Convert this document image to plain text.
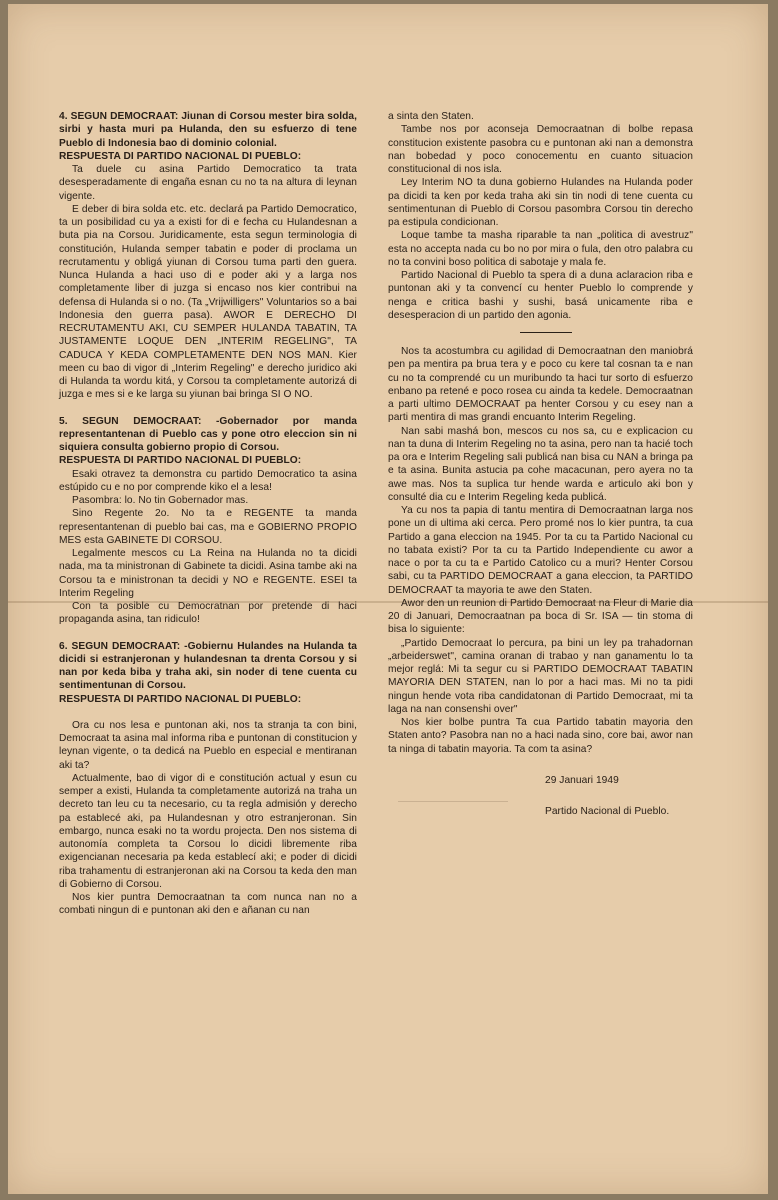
4. SEGUN DEMOCRAAT: Jiunan di Corsou mester bira solda, sirbi y hasta muri pa Hulanda, den su esfuerzo di tene Pueblo di Indonesia bao di dominio colonial.

RESPUESTA DI PARTIDO NACIONAL DI PUEBLO:

Ta duele cu asina Partido Democratico ta trata desesperadamente di engaña esnan cu no ta na altura di leynan vigente.

E deber di bira solda etc. etc. declará pa Partido Democratico, ta un posibilidad cu ya a existi for di e fecha cu Hulandesnan a buta pia na Corsou. Juridicamente, esta segun terminologia di constitución, Hulanda semper tabatin e poder di proclama un recrutamentu y obligá yiunan di Corsou tuma parti den guera. Nunca Hulanda a haci uso di e poder aki y a larga nos completamente liber di juzga si encaso nos kier contribui na defensa di Hulanda si o no. (Ta „Vrijwilligers" Voluntarios so a bai Indonesia den guerra pasa). AWOR E DERECHO DI RECRUTAMENTU AKI, CU SEMPER HULANDA TABATIN, TA JUSTAMENTE LOQUE DEN „INTERIM REGELING", TA CADUCA Y KEDA COMPLETAMENTE DEN NOS MAN. Kier meen cu bao di vigor di „Interim Regeling" e derecho juridico aki di Hulanda ta wordu kitá, y Corsou ta completamente autorizá di juzga e mes si e ke larga su yiunan bai bringa SI O NO.

5. SEGUN DEMOCRAAT: -Gobernador por manda representantenan di Pueblo cas y pone otro eleccion sin ni siquiera consulta gobierno propio di Corsou.

RESPUESTA DI PARTIDO NACIONAL DI PUEBLO:

Esaki otravez ta demonstra cu partido Democratico ta asina estúpido cu e no por comprende kiko el a lesa!

Pasombra: lo. No tin Gobernador mas.

Sino Regente 2o. No ta e REGENTE ta manda representantenan di pueblo bai cas, ma e GOBIERNO PROPIO MES esta GABINETE DI CORSOU.

Legalmente mescos cu La Reina na Hulanda no ta dicidi nada, ma ta ministronan di Gabinete ta dicidi. Asina tambe aki na Corsou ta e ministronan ta decidi y NO e REGENTE. ESEI ta Interim Regeling

Con ta posible cu Democratnan por pretende di haci propaganda asina, tan ridiculo!

6. SEGUN DEMOCRAAT: -Gobiernu Hulandes na Hulanda ta dicidi si estranjeronan y hulandesnan ta drenta Corsou y si nan por keda biba y traha aki, sin noder di tene cuenta cu sentimentunan di Corsou.

RESPUESTA DI PARTIDO NACIONAL DI PUEBLO:

Ora cu nos lesa e puntonan aki, nos ta stranja ta con bini, Democraat ta asina mal informa riba e puntonan di constitucion y leynan vigente, o ta dedicá na Pueblo en especial e mentiranan aki ta?

Actualmente, bao di vigor di e constitución actual y esun cu semper a existi, Hulanda ta completamente autorizá na traha un decreto tan leu cu ta necesario, cu ta regla admisión y derecho pa establecé aki, pa Hulandesnan y otro estranjeronan. Sin embargo, nunca esaki no ta wordu projecta. Den nos sistema di autonomía completa ta Corsou lo dicidi libremente riba exigencianan necesaria pa keda establecí aki; e poder di dicidi riba trahamentu di estranjeronan aki na Corsou ta keda den man di Gobierno di Corsou.

Nos kier puntra Democraatnan ta com nunca nan no a combati ningun di e puntonan aki den e añanan cu nan

a sinta den Staten.

Tambe nos por aconseja Democraatnan di bolbe repasa constitucion existente pasobra cu e puntonan aki nan a demonstra nan bobedad y poco conocementu en cuanto situacion constitucional di nos isla.

Ley Interim NO ta duna gobierno Hulandes na Hulanda poder pa dicidi ta ken por keda traha aki sin tin nodi di tene cuenta cu sentimentunan di Pueblo di Corsou pasombra Corsou tin derecho pa estipula condicionan.

Loque tambe ta masha riparable ta nan „politica di avestruz" esta no accepta nada cu bo no por mira o fula, den otro palabra cu no ta convini boso politica di sabotaje y mala fe.

Partido Nacional di Pueblo ta spera di a duna aclaracion riba e puntonan aki y ta convencí cu henter Pueblo lo comprende y nenga e critica bashi y sushi, basá unicamente riba e desesperacion di un partido den agonia.

Nos ta acostumbra cu agilidad di Democraatnan den maniobrá pen pa mentira pa brua tera y e poco cu kere tal cosnan ta e nan cu no ta comprendé cu un muribundo ta haci tur sorto di esfuerzo enbano pa retené e poco rosea cu ainda ta kedele. Democraatnan a parti ultimo DEMOCRAAT pa henter Corsou y cu esey nan a parti mentira di mas grandi encuanto Interim Regeling.

Nan sabi mashá bon, mescos cu nos sa, cu e explicacion cu nan ta duna di Interim Regeling no ta asina, pero nan ta hacié toch pa ora e Interim Regeling sali publicá nan bisa cu NAN a bringa pa e ta asina. Bunita astucia pa cohe macacunan, pero ayera no ta awe mas. Nos ta suplica tur hende warda e articulo aki bon y consulté dia cu e Interim Regeling keda publicá.

Ya cu nos ta papia di tantu mentira di Democraatnan larga nos pone un di ultima aki cerca. Pero promé nos lo kier puntra, ta cua Partido a gana eleccion na 1945. Por ta cu ta Partido Nacional cu no tabata existi? Por ta cu ta Partido Independiente cu awor a nace o por ta cu ta e Partido Catolico cu a muri? Henter Corsou sabi, cu ta PARTIDO DEMOCRAAT a gana eleccion, ta PARTIDO DEMOCRAAT ta mayoria te awe den Staten.

Awor den un reunion di Partido Democraat na Fleur di Marie dia 20 di Januari, Democraatnan pa boca di Sr. ISA — tin stoma di bisa lo siguiente:

„Partido Democraat lo percura, pa bini un ley pa trahadornan „arbeiderswet", camina oranan di trabao y nan ganamentu lo ta mejor reglá: Mi ta segur cu si PARTIDO DEMOCRAAT TABATIN MAYORIA DEN STATEN, nan lo por a haci mas. Mi no ta pidi ningun hende vota riba candidatonan di Partido Democraat, mi ta laga na nan consenshi over"

Nos kier bolbe puntra Ta cua Partido tabatin mayoria den Staten anto? Pasobra nan no a haci nada sino, core bai, awor nan ta ninga di tabatin mayoria. Ta com ta asina?

29 Januari 1949

Partido Nacional di Pueblo.
